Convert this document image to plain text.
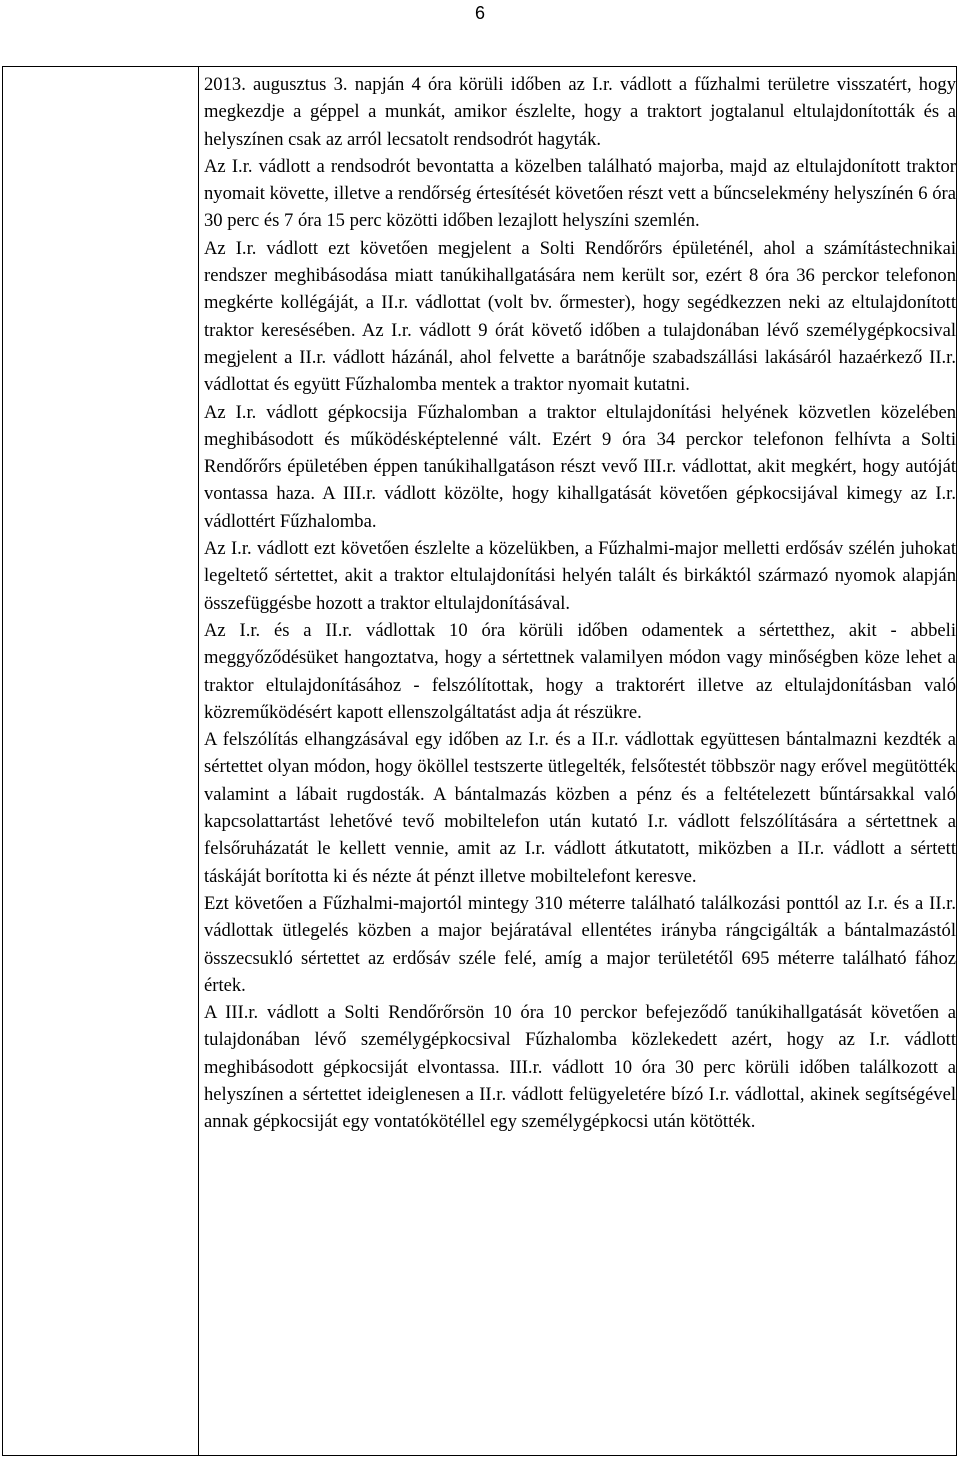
6

2013. augusztus 3. napján 4 óra körüli időben az I.r. vádlott a fűzhalmi területre visszatért, hogy megkezdje a géppel a munkát, amikor észlelte, hogy a traktort jogtalanul eltulajdonították és a helyszínen csak az arról lecsatolt rendsodrót hagyták.

Az I.r. vádlott a rendsodrót bevontatta a közelben található majorba, majd az eltulajdonított traktor nyomait követte, illetve a rendőrség értesítését követően részt vett a bűncselekmény helyszínén 6 óra 30 perc és 7 óra 15 perc közötti időben lezajlott helyszíni szemlén.

Az I.r. vádlott ezt követően megjelent a Solti Rendőrőrs épületénél, ahol a számítástechnikai rendszer meghibásodása miatt tanúkihallgatására nem került sor, ezért 8 óra 36 perckor telefonon megkérte kollégáját, a II.r. vádlottat (volt bv. őrmester), hogy segédkezzen neki az eltulajdonított traktor keresésében. Az I.r. vádlott 9 órát követő időben a tulajdonában lévő személygépkocsival megjelent a II.r. vádlott házánál, ahol felvette a barátnője szabadszállási lakásáról hazaérkező II.r. vádlottat és együtt Fűzhalomba mentek a traktor nyomait kutatni.

Az I.r. vádlott gépkocsija Fűzhalomban a traktor eltulajdonítási helyének közvetlen közelében meghibásodott és működésképtelenné vált. Ezért 9 óra 34 perckor telefonon felhívta a Solti Rendőrőrs épületében éppen tanúkihallgatáson részt vevő III.r. vádlottat, akit megkért, hogy autóját vontassa haza. A III.r. vádlott közölte, hogy kihallgatását követően gépkocsijával kimegy az I.r. vádlottért Fűzhalomba.

Az I.r. vádlott ezt követően észlelte a közelükben, a Fűzhalmi-major melletti erdősáv szélén juhokat legeltető sértettet, akit a traktor eltulajdonítási helyén talált és birkáktól származó nyomok alapján összefüggésbe hozott a traktor eltulajdonításával.

Az I.r. és a II.r. vádlottak 10 óra körüli időben odamentek a sértetthez, akit - abbeli meggyőződésüket hangoztatva, hogy a sértettnek valamilyen módon vagy minőségben köze lehet a traktor eltulajdonításához - felszólítottak, hogy a traktorért illetve az eltulajdonításban való közreműködésért kapott ellenszolgáltatást adja át részükre.

A felszólítás elhangzásával egy időben az I.r. és a II.r. vádlottak együttesen bántalmazni kezdték a sértettet olyan módon, hogy ököllel testszerte ütlegelték, felsőtestét többször nagy erővel megütötték valamint a lábait rugdosták. A bántalmazás közben a pénz és a feltételezett bűntársakkal való kapcsolattartást lehetővé tevő mobiltelefon után kutató I.r. vádlott felszólítására a sértettnek a felsőruházatát le kellett vennie, amit az I.r. vádlott átkutatott, miközben a II.r. vádlott a sértett táskáját borította ki és nézte át pénzt illetve mobiltelefont keresve.

Ezt követően a Fűzhalmi-majortól mintegy 310 méterre található találkozási ponttól az I.r. és a II.r. vádlottak ütlegelés közben a major bejáratával ellentétes irányba rángcigálták a bántalmazástól összecsukló sértettet az erdősáv széle felé, amíg a major területétől 695 méterre található fához értek.

A III.r. vádlott a Solti Rendőrőrsön 10 óra 10 perckor befejeződő tanúkihallgatását követően a tulajdonában lévő személygépkocsival Fűzhalomba közlekedett azért, hogy az I.r. vádlott meghibásodott gépkocsiját elvontassa. III.r. vádlott 10 óra 30 perc körüli időben találkozott a helyszínen a sértettet ideiglenesen a II.r. vádlott felügyeletére bízó I.r. vádlottal, akinek segítségével annak gépkocsiját egy vontatókötéllel egy személygépkocsi után kötötték.
